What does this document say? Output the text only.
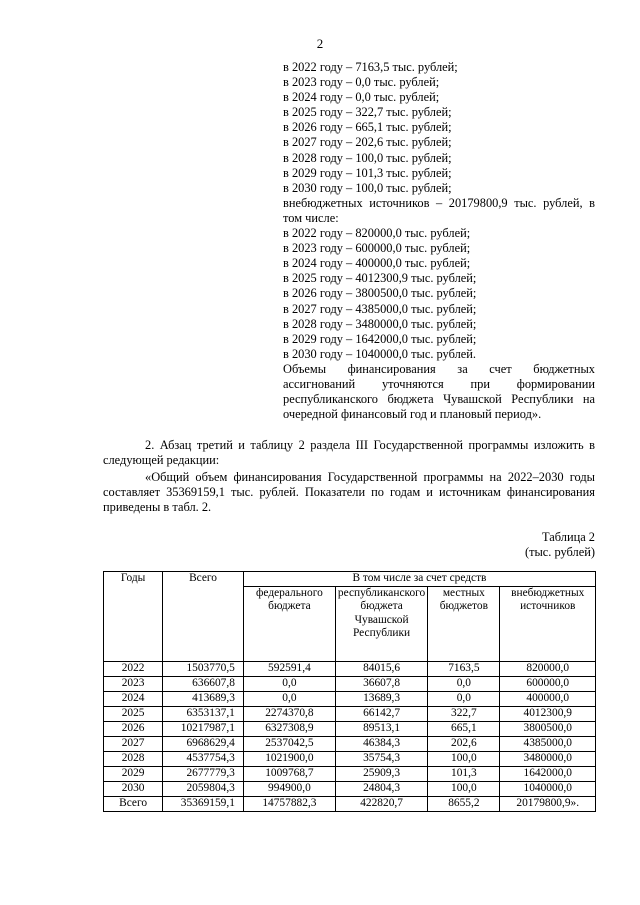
2
в 2022 году – 7163,5 тыс. рублей;
в 2023 году – 0,0 тыс. рублей;
в 2024 году – 0,0 тыс. рублей;
в 2025 году – 322,7 тыс. рублей;
в 2026 году – 665,1 тыс. рублей;
в 2027 году – 202,6 тыс. рублей;
в 2028 году – 100,0 тыс. рублей;
в 2029 году – 101,3 тыс. рублей;
в 2030 году – 100,0 тыс. рублей;
внебюджетных источников – 20179800,9 тыс. рублей, в том числе:
в 2022 году – 820000,0 тыс. рублей;
в 2023 году – 600000,0 тыс. рублей;
в 2024 году – 400000,0 тыс. рублей;
в 2025 году – 4012300,9 тыс. рублей;
в 2026 году – 3800500,0 тыс. рублей;
в 2027 году – 4385000,0 тыс. рублей;
в 2028 году – 3480000,0 тыс. рублей;
в 2029 году – 1642000,0 тыс. рублей;
в 2030 году – 1040000,0 тыс. рублей.
Объемы финансирования за счет бюджетных ассигнований уточняются при формировании республиканского бюджета Чувашской Республики на очередной финансовый год и плановый период».
2. Абзац третий и таблицу 2 раздела III Государственной программы изложить в следующей редакции:
«Общий объем финансирования Государственной программы на 2022–2030 годы составляет 35369159,1 тыс. рублей. Показатели по годам и источникам финансирования приведены в табл. 2.
Таблица 2
(тыс. рублей)
Годы	Всего	В том числе за счет средств			
		федерального бюджета	республиканского бюджета Чувашской Республики	местных бюджетов	внебюджетных источников
2022	1503770,5	592591,4	84015,6	7163,5	820000,0
2023	636607,8	0,0	36607,8	0,0	600000,0
2024	413689,3	0,0	13689,3	0,0	400000,0
2025	6353137,1	2274370,8	66142,7	322,7	4012300,9
2026	10217987,1	6327308,9	89513,1	665,1	3800500,0
2027	6968629,4	2537042,5	46384,3	202,6	4385000,0
2028	4537754,3	1021900,0	35754,3	100,0	3480000,0
2029	2677779,3	1009768,7	25909,3	101,3	1642000,0
2030	2059804,3	994900,0	24804,3	100,0	1040000,0
Всего	35369159,1	14757882,3	422820,7	8655,2	20179800,9».
